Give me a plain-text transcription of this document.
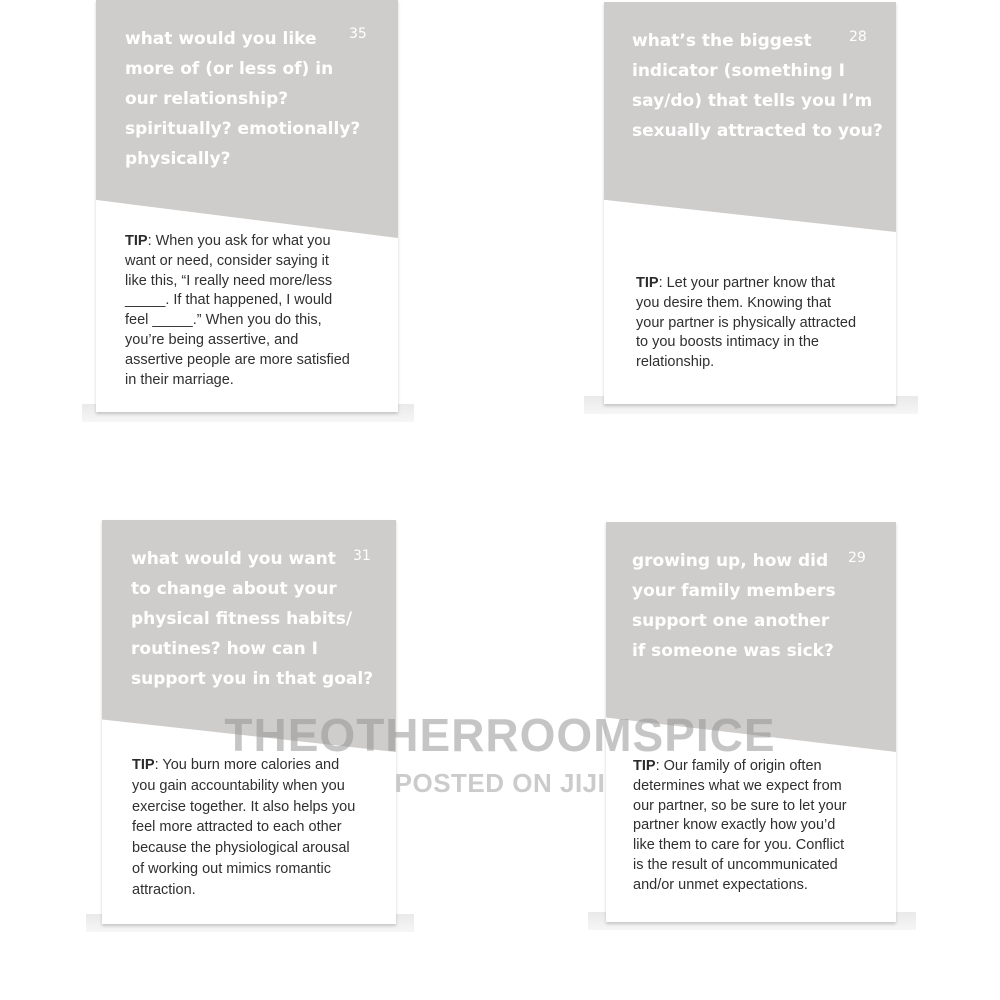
35
what would you like
more of (or less of) in
our relationship?
spiritually? emotionally?
physically?
TIP: When you ask for what you
want or need, consider saying it
like this, “I really need more/less
_____. If that happened, I would
feel _____.” When you do this,
you’re being assertive, and
assertive people are more satisfied
in their marriage.
28
what’s the biggest
indicator (something I
say/do) that tells you I’m
sexually attracted to you?
TIP: Let your partner know that
you desire them. Knowing that
your partner is physically attracted
to you boosts intimacy in the
relationship.
31
what would you want
to change about your
physical fitness habits/
routines? how can I
support you in that goal?
TIP: You burn more calories and
you gain accountability when you
exercise together. It also helps you
feel more attracted to each other
because the physiological arousal
of working out mimics romantic
attraction.
29
growing up, how did
your family members
support one another
if someone was sick?
TIP: Our family of origin often
determines what we expect from
our partner, so be sure to let your
partner know exactly how you’d
like them to care for you. Conflict
is the result of uncommunicated
and/or unmet expectations.
THEOTHERROOMSPICE
POSTED ON JIJI
